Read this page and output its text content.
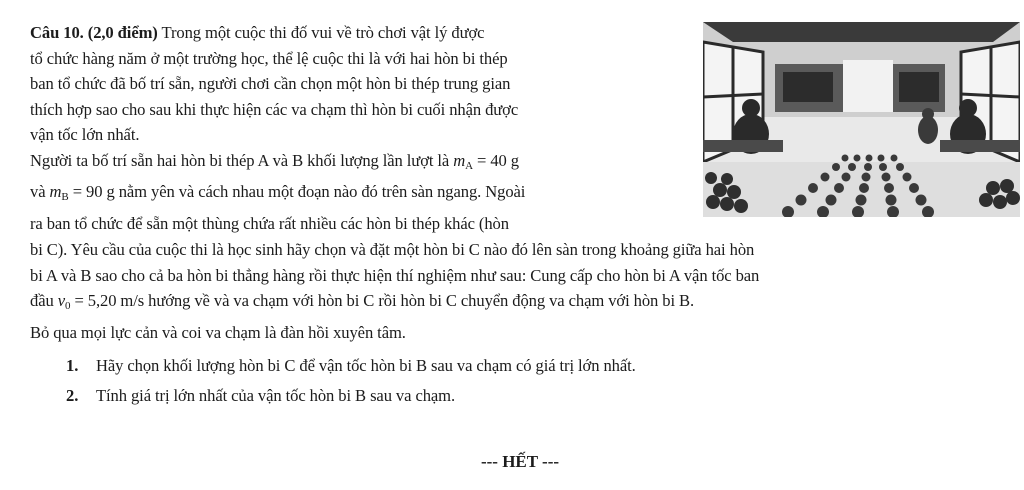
Câu 10. (2,0 điểm) Trong một cuộc thi đố vui về trò chơi vật lý được
tổ chức hàng năm ở một trường học, thể lệ cuộc thi là với hai hòn bi thép
ban tổ chức đã bố trí sẵn, người chơi cần chọn một hòn bi thép trung gian
thích hợp sao cho sau khi thực hiện các va chạm thì hòn bi cuối nhận được
vận tốc lớn nhất.
Người ta bố trí sẵn hai hòn bi thép A và B khối lượng lần lượt là $m_A = 40$ g
và $m_B = 90$ g nằm yên và cách nhau một đoạn nào đó trên sàn ngang. Ngoài
ra ban tổ chức để sẵn một thùng chứa rất nhiều các hòn bi thép khác (hòn
bi C). Yêu cầu của cuộc thi là học sinh hãy chọn và đặt một hòn bi C nào đó lên sàn trong khoảng giữa hai hòn
bi A và B sao cho cả ba hòn bi thẳng hàng rồi thực hiện thí nghiệm như sau: Cung cấp cho hòn bi A vận tốc ban
đầu $v_0 = 5,20$ m/s hướng về và va chạm với hòn bi C rồi hòn bi C chuyển động va chạm với hòn bi B.
Bỏ qua mọi lực cản và coi va chạm là đàn hồi xuyên tâm.
1. Hãy chọn khối lượng hòn bi C để vận tốc hòn bi B sau va chạm có giá trị lớn nhất.
2. Tính giá trị lớn nhất của vận tốc hòn bi B sau va chạm.
--- HẾT ---
